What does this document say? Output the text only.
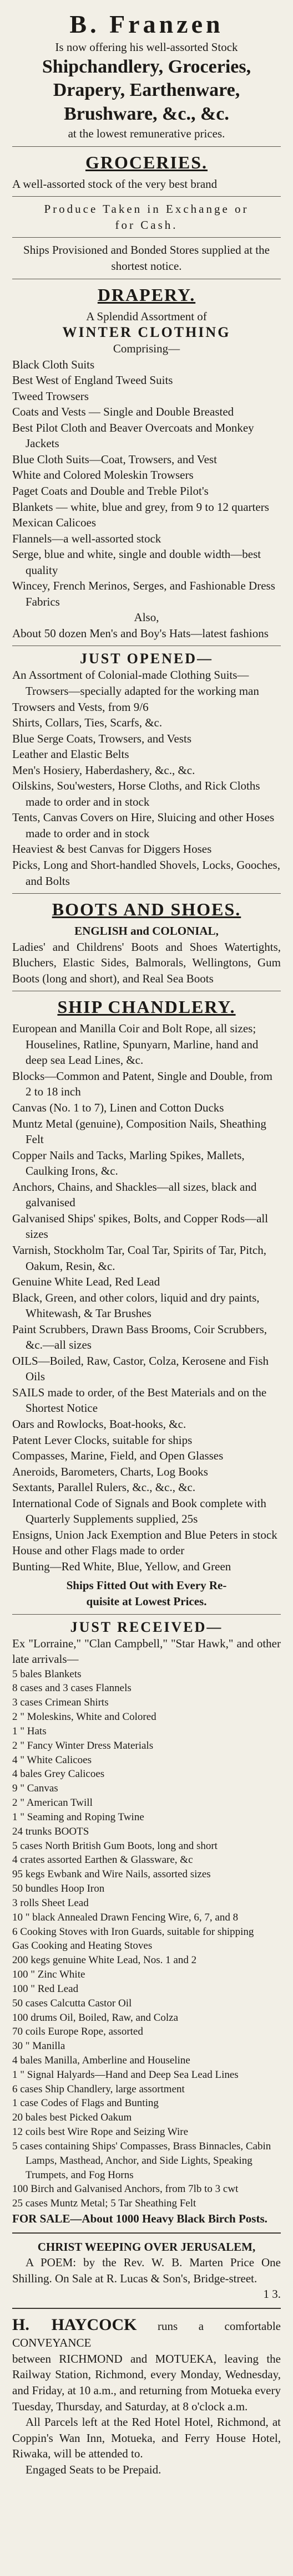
B. Franzen
Is now offering his well-assorted Stock
Shipchandlery, Groceries,
Drapery, Earthenware,
Brushware, &c., &c.
at the lowest remunerative prices.
GROCERIES.
A well-assorted stock of the very best brand
Produce Taken in Exchange or
for Cash.
Ships Provisioned and Bonded Stores supplied at the shortest notice.
DRAPERY.
A Splendid Assortment of
WINTER CLOTHING
Comprising—
Black Cloth Suits
Best West of England Tweed Suits
Tweed Trowsers
Coats and Vests — Single and Double Breasted
Best Pilot Cloth and Beaver Overcoats and Monkey Jackets
Blue Cloth Suits—Coat, Trowsers, and Vest
White and Colored Moleskin Trowsers
Paget Coats and Double and Treble Pilot's
Blankets — white, blue and grey, from 9 to 12 quarters
Mexican Calicoes
Flannels—a well-assorted stock
Serge, blue and white, single and double width—best quality
Wincey, French Merinos, Serges, and Fashionable Dress Fabrics
Also,
About 50 dozen Men's and Boy's Hats—latest fashions
JUST OPENED—
An Assortment of Colonial-made Clothing Suits—Trowsers—specially adapted for the working man
Trowsers and Vests, from 9/6
Shirts, Collars, Ties, Scarfs, &c.
Blue Serge Coats, Trowsers, and Vests
Leather and Elastic Belts
Men's Hosiery, Haberdashery, &c., &c.
Oilskins, Sou'westers, Horse Cloths, and Rick Cloths made to order and in stock
Tents, Canvas Covers on Hire, Sluicing and other Hoses made to order and in stock
Heaviest & best Canvas for Diggers Hoses
Picks, Long and Short-handled Shovels, Locks, Gooches, and Bolts
BOOTS AND SHOES.
ENGLISH and COLONIAL,
Ladies' and Childrens' Boots and Shoes Watertights, Bluchers, Elastic Sides, Balmorals, Wellingtons, Gum Boots (long and short), and Real Sea Boots
SHIP CHANDLERY.
European and Manilla Coir and Bolt Rope, all sizes; Houselines, Ratline, Spunyarn, Marline, hand and deep sea Lead Lines, &c.
Blocks—Common and Patent, Single and Double, from 2 to 18 inch
Canvas (No. 1 to 7), Linen and Cotton Ducks
Muntz Metal (genuine), Composition Nails, Sheathing Felt
Copper Nails and Tacks, Marling Spikes, Mallets, Caulking Irons, &c.
Anchors, Chains, and Shackles—all sizes, black and galvanised
Galvanised Ships' spikes, Bolts, and Copper Rods—all sizes
Varnish, Stockholm Tar, Coal Tar, Spirits of Tar, Pitch, Oakum, Resin, &c.
Genuine White Lead, Red Lead
Black, Green, and other colors, liquid and dry paints, Whitewash, & Tar Brushes
Paint Scrubbers, Drawn Bass Brooms, Coir Scrubbers, &c.—all sizes
OILS—Boiled, Raw, Castor, Colza, Kerosene and Fish Oils
SAILS made to order, of the Best Materials and on the Shortest Notice
Oars and Rowlocks, Boat-hooks, &c.
Patent Lever Clocks, suitable for ships
Compasses, Marine, Field, and Open Glasses
Aneroids, Barometers, Charts, Log Books
Sextants, Parallel Rulers, &c., &c., &c.
International Code of Signals and Book complete with Quarterly Supplements supplied, 25s
Ensigns, Union Jack Exemption and Blue Peters in stock
House and other Flags made to order
Bunting—Red White, Blue, Yellow, and Green
Ships Fitted Out with Every Re-
quisite at Lowest Prices.
JUST RECEIVED—
Ex "Lorraine," "Clan Campbell," "Star Hawk," and other late arrivals—
5 bales Blankets
8 cases and 3 cases Flannels
3 cases Crimean Shirts
2 " Moleskins, White and Colored
1 " Hats
2 " Fancy Winter Dress Materials
4 " White Calicoes
4 bales Grey Calicoes
9 " Canvas
2 " American Twill
1 " Seaming and Roping Twine
24 trunks BOOTS
5 cases North British Gum Boots, long and short
4 crates assorted Earthen & Glassware, &c
95 kegs Ewbank and Wire Nails, assorted sizes
50 bundles Hoop Iron
3 rolls Sheet Lead
10 " black Annealed Drawn Fencing Wire, 6, 7, and 8
6 Cooking Stoves with Iron Guards, suitable for shipping
Gas Cooking and Heating Stoves
200 kegs genuine White Lead, Nos. 1 and 2
100 " Zinc White
100 " Red Lead
50 cases Calcutta Castor Oil
100 drums Oil, Boiled, Raw, and Colza
70 coils Europe Rope, assorted
30 " Manilla
4 bales Manilla, Amberline and Houseline
1 " Signal Halyards—Hand and Deep Sea Lead Lines
6 cases Ship Chandlery, large assortment
1 case Codes of Flags and Bunting
20 bales best Picked Oakum
12 coils best Wire Rope and Seizing Wire
5 cases containing Ships' Compasses, Brass Binnacles, Cabin Lamps, Masthead, Anchor, and Side Lights, Speaking Trumpets, and Fog Horns
100 Birch and Galvanised Anchors, from 7lb to 3 cwt
25 cases Muntz Metal; 5 Tar Sheathing Felt
FOR SALE—About 1000 Heavy Black Birch Posts.
CHRIST WEEPING OVER JERUSALEM,
A POEM: by the Rev. W. B. Marten Price One Shilling. On Sale at R. Lucas & Son's, Bridge-street.
1 3.
H. HAYCOCK runs a comfortable CONVEYANCE
between RICHMOND and MOTUEKA, leaving the Railway Station, Richmond, every Monday, Wednesday, and Friday, at 10 a.m., and returning from Motueka every Tuesday, Thursday, and Saturday, at 8 o'clock a.m.
All Parcels left at the Red Hotel Hotel, Richmond, at Coppin's Wan Inn, Motueka, and Ferry House Hotel, Riwaka, will be attended to.
Engaged Seats to be Prepaid.
